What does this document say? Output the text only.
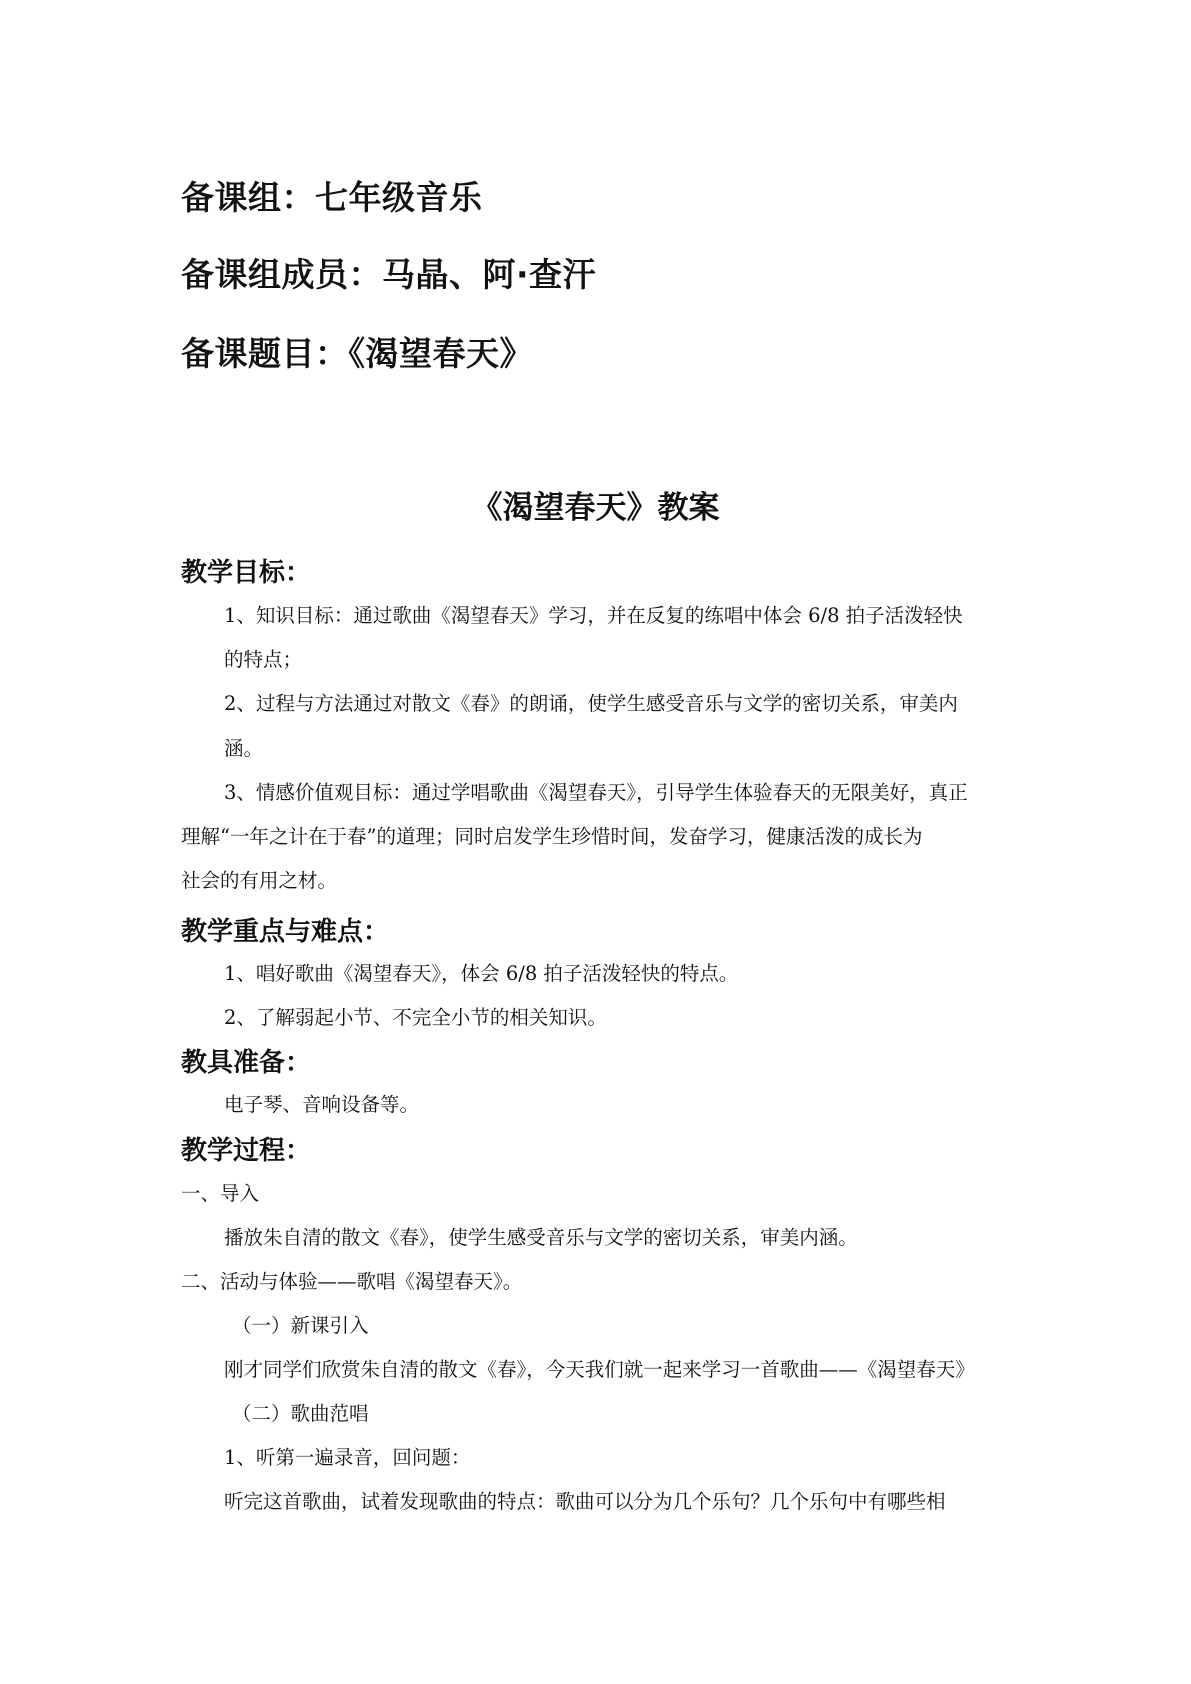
备课组：七年级音乐
备课组成员：马晶、阿·查汗
备课题目：《渴望春天》
《渴望春天》教案
教学目标：
1、知识目标：通过歌曲《渴望春天》学习，并在反复的练唱中体会 6/8 拍子活泼轻快
的特点；
2、过程与方法通过对散文《春》的朗诵，使学生感受音乐与文学的密切关系，审美内
涵。
3、情感价值观目标：通过学唱歌曲《渴望春天》，引导学生体验春天的无限美好，真正
理解“一年之计在于春”的道理；同时启发学生珍惜时间，发奋学习，健康活泼的成长为
社会的有用之材。
教学重点与难点：
1、唱好歌曲《渴望春天》，体会 6/8 拍子活泼轻快的特点。
2、了解弱起小节、不完全小节的相关知识。
教具准备：
电子琴、音响设备等。
教学过程：
一、导入
播放朱自清的散文《春》，使学生感受音乐与文学的密切关系，审美内涵。
二、活动与体验——歌唱《渴望春天》。
（一）新课引入
刚才同学们欣赏朱自清的散文《春》，今天我们就一起来学习一首歌曲——《渴望春天》
（二）歌曲范唱
1、听第一遍录音，回问题：
听完这首歌曲，试着发现歌曲的特点：歌曲可以分为几个乐句？几个乐句中有哪些相
